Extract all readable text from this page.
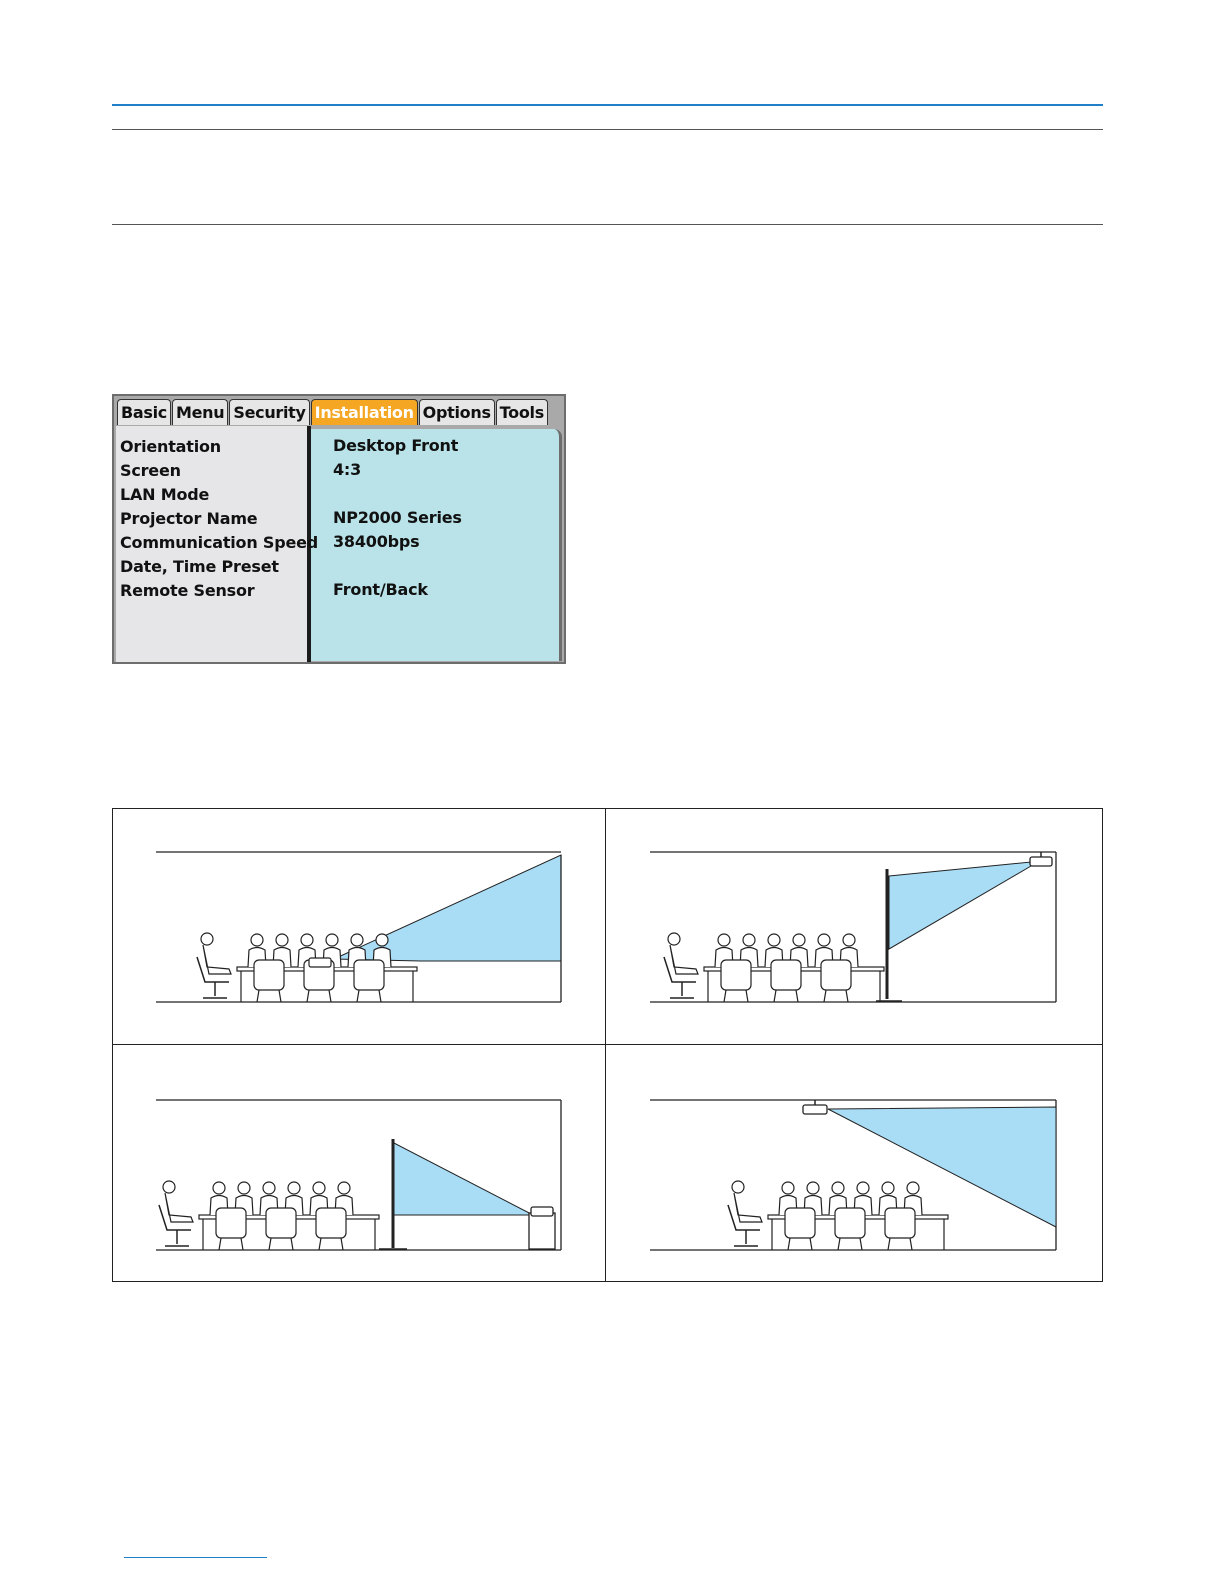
Basic Menu Security Installation Options Tools
Orientation
Screen
LAN Mode
Projector Name
Communication Speed
Date, Time Preset
Remote Sensor
Desktop Front
4:3
NP2000 Series
38400bps
Front/Back
